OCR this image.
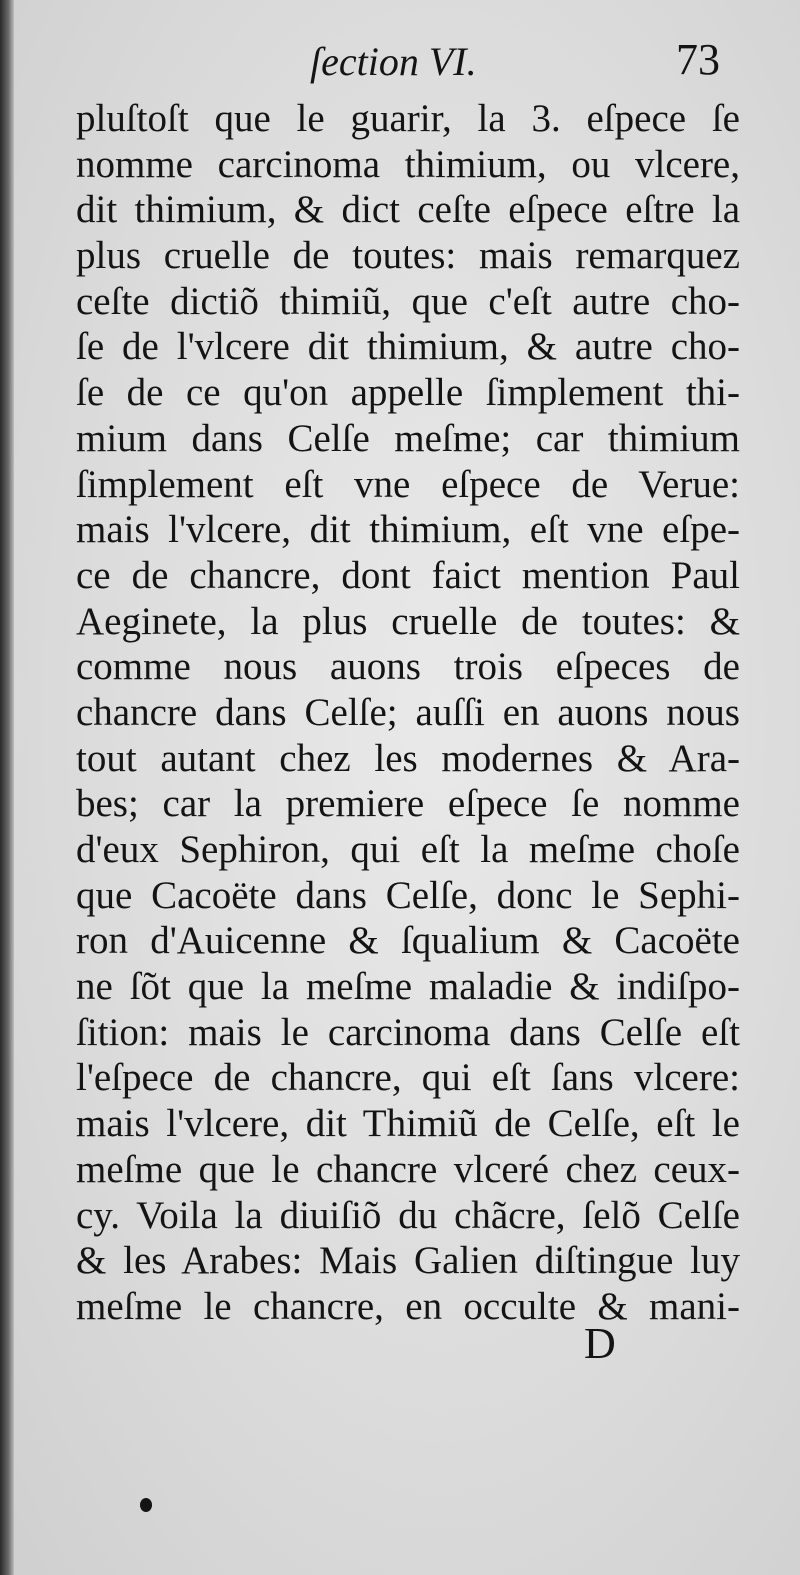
ſection VI.	73
pluſtoſt que le guarir, la 3. eſpece ſe
nomme carcinoma thimium, ou vlcere,
dit thimium, & dict ceſte eſpece eſtre la
plus cruelle de toutes: mais remarquez
ceſte dictiõ thimiũ, que c'eſt autre cho-
ſe de l'vlcere dit thimium, & autre cho-
ſe de ce qu'on appelle ſimplement thi-
mium dans Celſe meſme; car thimium
ſimplement eſt vne eſpece de Verue:
mais l'vlcere, dit thimium, eſt vne eſpe-
ce de chancre, dont faict mention Paul
Aeginete, la plus cruelle de toutes: &
comme nous auons trois eſpeces de
chancre dans Celſe; auſſi en auons nous
tout autant chez les modernes & Ara-
bes; car la premiere eſpece ſe nomme
d'eux Sephiron, qui eſt la meſme choſe
que Cacoëte dans Celſe, donc le Sephi-
ron d'Auicenne & ſqualium & Cacoëte
ne ſõt que la meſme maladie & indiſpo-
ſition: mais le carcinoma dans Celſe eſt
l'eſpece de chancre, qui eſt ſans vlcere:
mais l'vlcere, dit Thimiũ de Celſe, eſt le
meſme que le chancre vlceré chez ceux-
cy. Voila la diuiſiõ du chãcre, ſelõ Celſe
& les Arabes: Mais Galien diſtingue luy
meſme le chancre, en occulte & mani-
D
